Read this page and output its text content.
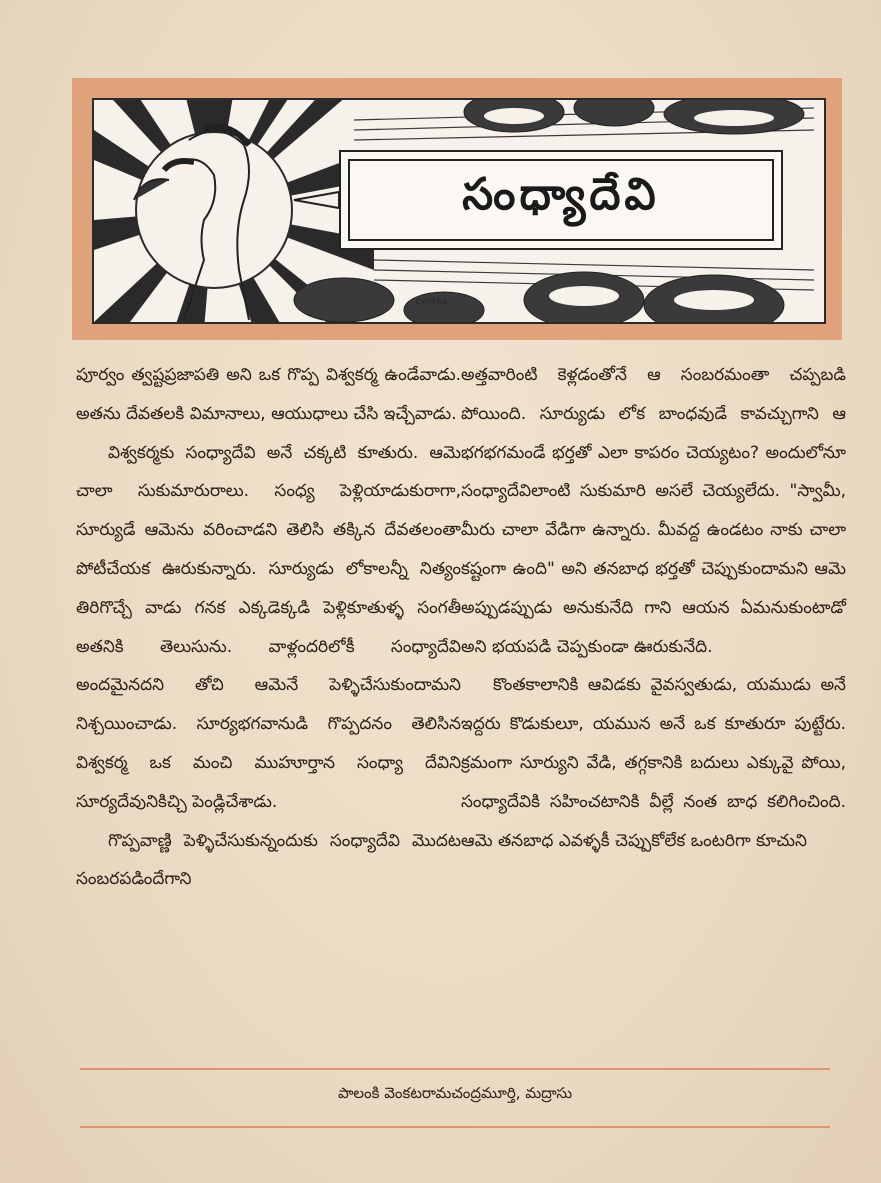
సంధ్యాదేవి
CHITRA

పూర్వం త్వష్టప్రజాపతి అని ఒక గొప్ప విశ్వకర్మ ఉండేవాడు. అతను దేవతలకి విమానాలు, ఆయుధాలు చేసి ఇచ్చేవాడు.

విశ్వకర్మకు సంధ్యాదేవి అనే చక్కటి కూతురు. ఆమె చాలా సుకుమారురాలు. సంధ్య పెళ్లియాడుకురాగా, సూర్యుడే ఆమెను వరించాడని తెలిసి తక్కిన దేవతలంతా పోటీచేయక ఊరుకున్నారు. సూర్యుడు లోకాలన్నీ నిత్యం తిరిగొచ్చే వాడు గనక ఎక్కడెక్కడి పెళ్లికూతుళ్ళ సంగతీ అతనికి తెలుసును. వాళ్లందరిలోకీ సంధ్యాదేవి అందమైనదని తోచి ఆమెనే పెళ్ళిచేసుకుందామని నిశ్చయించాడు. సూర్యభగవానుడి గొప్పదనం తెలిసిన విశ్వకర్మ ఒక మంచి ముహూర్తాన సంధ్యా దేవిని సూర్యదేవునికిచ్చి పెండ్లిచేశాడు.

గొప్పవాణ్ణి పెళ్ళిచేసుకున్నందుకు సంధ్యాదేవి మొదట సంబరపడిందేగాని

అత్తవారింటి కెళ్లడంతోనే ఆ సంబరమంతా చప్పబడి పోయింది. సూర్యుడు లోక బాంధవుడే కావచ్చుగాని ఆ భగభగమండే భర్తతో ఎలా కాపరం చెయ్యటం? అందులోనూ సంధ్యాదేవిలాంటి సుకుమారి అసలే చెయ్యలేదు. "స్వామీ, మీరు చాలా వేడిగా ఉన్నారు. మీవద్ద ఉండటం నాకు చాలా కష్టంగా ఉంది" అని తనబాధ భర్తతో చెప్పుకుందామని ఆమె అప్పుడప్పుడు అనుకునేది గాని ఆయన ఏమనుకుంటాడో అని భయపడి చెప్పకుండా ఊరుకునేది.

కొంతకాలానికి ఆవిడకు వైవస్వతుడు, యముడు అనే ఇద్దరు కొడుకులూ, యమున అనే ఒక కూతురూ పుట్టేరు. క్రమంగా సూర్యుని వేడి, తగ్గకానికి బదులు ఎక్కువై పోయి, సంధ్యాదేవికి సహించటానికి వీల్లే నంత బాధ కలిగించింది. ఆమె తనబాధ ఎవళ్ళకీ చెప్పుకోలేక ఒంటరిగా కూచుని

పాలంకి వెంకటరామచంద్రమూర్తి, మద్రాసు
